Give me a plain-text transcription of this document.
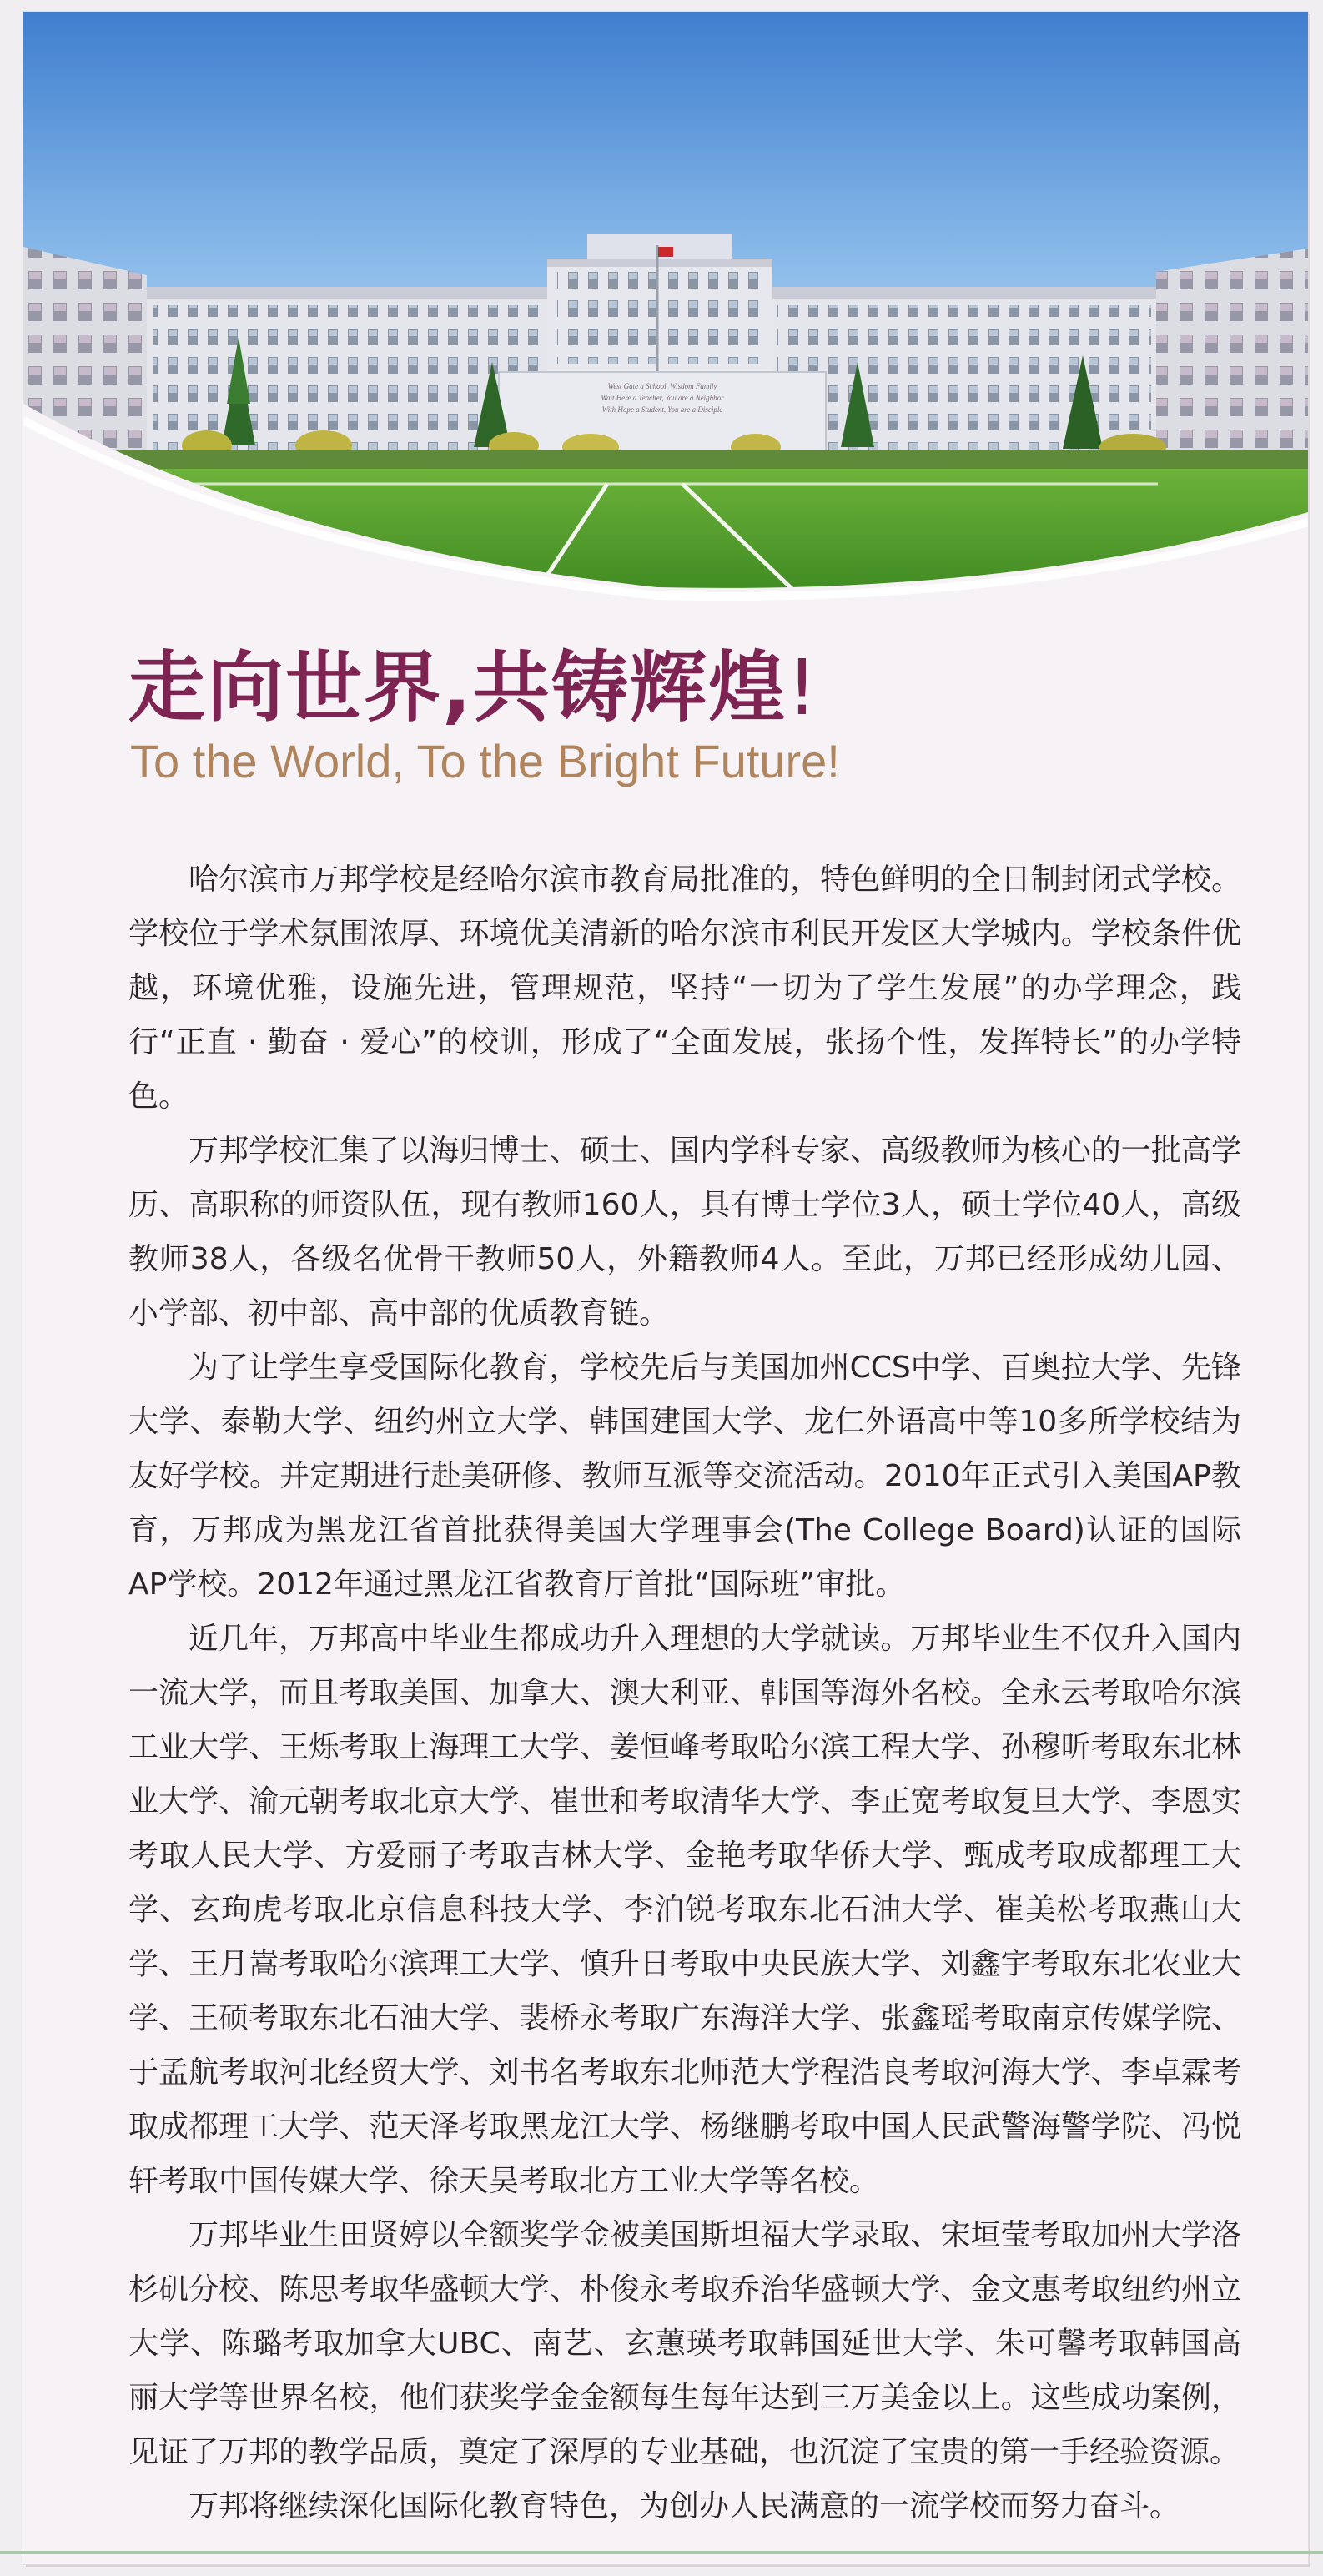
West Gate a School, Wisdom Family
Wait Here a Teacher, You are a Neighbor
With Hope a Student, You are a Disciple
走向世界,共铸辉煌!
To the World, To the Bright Future!

哈尔滨市万邦学校是经哈尔滨市教育局批准的，特色鲜明的全日制封闭式学校。学校位于学术氛围浓厚、环境优美清新的哈尔滨市利民开发区大学城内。学校条件优越，环境优雅，设施先进，管理规范，坚持“一切为了学生发展”的办学理念，践行“正直 · 勤奋 · 爱心”的校训，形成了“全面发展，张扬个性，发挥特长”的办学特色。

万邦学校汇集了以海归博士、硕士、国内学科专家、高级教师为核心的一批高学历、高职称的师资队伍，现有教师160人，具有博士学位3人，硕士学位40人，高级教师38人，各级名优骨干教师50人，外籍教师4人。至此，万邦已经形成幼儿园、小学部、初中部、高中部的优质教育链。

为了让学生享受国际化教育，学校先后与美国加州CCS中学、百奥拉大学、先锋大学、泰勒大学、纽约州立大学、韩国建国大学、龙仁外语高中等10多所学校结为友好学校。并定期进行赴美研修、教师互派等交流活动。2010年正式引入美国AP教育，万邦成为黑龙江省首批获得美国大学理事会(The College Board)认证的国际AP学校。2012年通过黑龙江省教育厅首批“国际班”审批。

近几年，万邦高中毕业生都成功升入理想的大学就读。万邦毕业生不仅升入国内一流大学，而且考取美国、加拿大、澳大利亚、韩国等海外名校。全永云考取哈尔滨工业大学、王烁考取上海理工大学、姜恒峰考取哈尔滨工程大学、孙穆昕考取东北林业大学、渝元朝考取北京大学、崔世和考取清华大学、李正宽考取复旦大学、李恩实考取人民大学、方爱丽子考取吉林大学、金艳考取华侨大学、甄成考取成都理工大学、玄珣虎考取北京信息科技大学、李泊锐考取东北石油大学、崔美松考取燕山大学、王月嵩考取哈尔滨理工大学、慎升日考取中央民族大学、刘鑫宇考取东北农业大学、王硕考取东北石油大学、裴桥永考取广东海洋大学、张鑫瑶考取南京传媒学院、于孟航考取河北经贸大学、刘书名考取东北师范大学程浩良考取河海大学、李卓霖考取成都理工大学、范天泽考取黑龙江大学、杨继鹏考取中国人民武警海警学院、冯悦轩考取中国传媒大学、徐天昊考取北方工业大学等名校。

万邦毕业生田贤婷以全额奖学金被美国斯坦福大学录取、宋垣莹考取加州大学洛杉矶分校、陈思考取华盛顿大学、朴俊永考取乔治华盛顿大学、金文惠考取纽约州立大学、陈璐考取加拿大UBC、南艺、玄蕙瑛考取韩国延世大学、朱可馨考取韩国高丽大学等世界名校，他们获奖学金金额每生每年达到三万美金以上。这些成功案例，见证了万邦的教学品质，奠定了深厚的专业基础，也沉淀了宝贵的第一手经验资源。

万邦将继续深化国际化教育特色，为创办人民满意的一流学校而努力奋斗。
